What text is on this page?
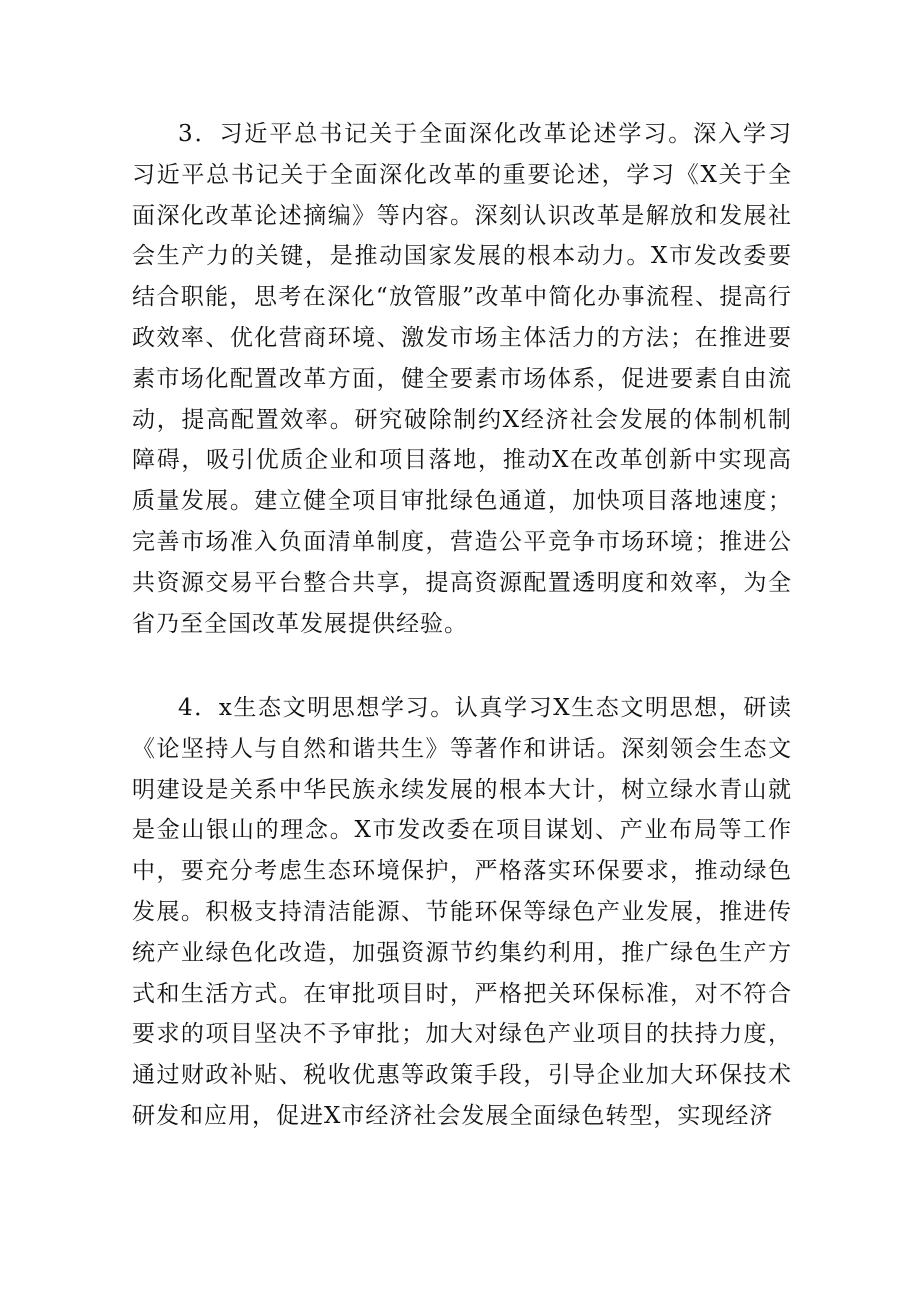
3．习近平总书记关于全面深化改革论述学习。深入学习习近平总书记关于全面深化改革的重要论述，学习《X关于全面深化改革论述摘编》等内容。深刻认识改革是解放和发展社会生产力的关键，是推动国家发展的根本动力。X市发改委要结合职能，思考在深化“放管服”改革中简化办事流程、提高行政效率、优化营商环境、激发市场主体活力的方法；在推进要素市场化配置改革方面，健全要素市场体系，促进要素自由流动，提高配置效率。研究破除制约X经济社会发展的体制机制障碍，吸引优质企业和项目落地，推动X在改革创新中实现高质量发展。建立健全项目审批绿色通道，加快项目落地速度；完善市场准入负面清单制度，营造公平竞争市场环境；推进公共资源交易平台整合共享，提高资源配置透明度和效率，为全省乃至全国改革发展提供经验。

4．x生态文明思想学习。认真学习X生态文明思想，研读《论坚持人与自然和谐共生》等著作和讲话。深刻领会生态文明建设是关系中华民族永续发展的根本大计，树立绿水青山就是金山银山的理念。X市发改委在项目谋划、产业布局等工作中，要充分考虑生态环境保护，严格落实环保要求，推动绿色发展。积极支持清洁能源、节能环保等绿色产业发展，推进传统产业绿色化改造，加强资源节约集约利用，推广绿色生产方式和生活方式。在审批项目时，严格把关环保标准，对不符合要求的项目坚决不予审批；加大对绿色产业项目的扶持力度，通过财政补贴、税收优惠等政策手段，引导企业加大环保技术研发和应用，促进X市经济社会发展全面绿色转型，实现经济
